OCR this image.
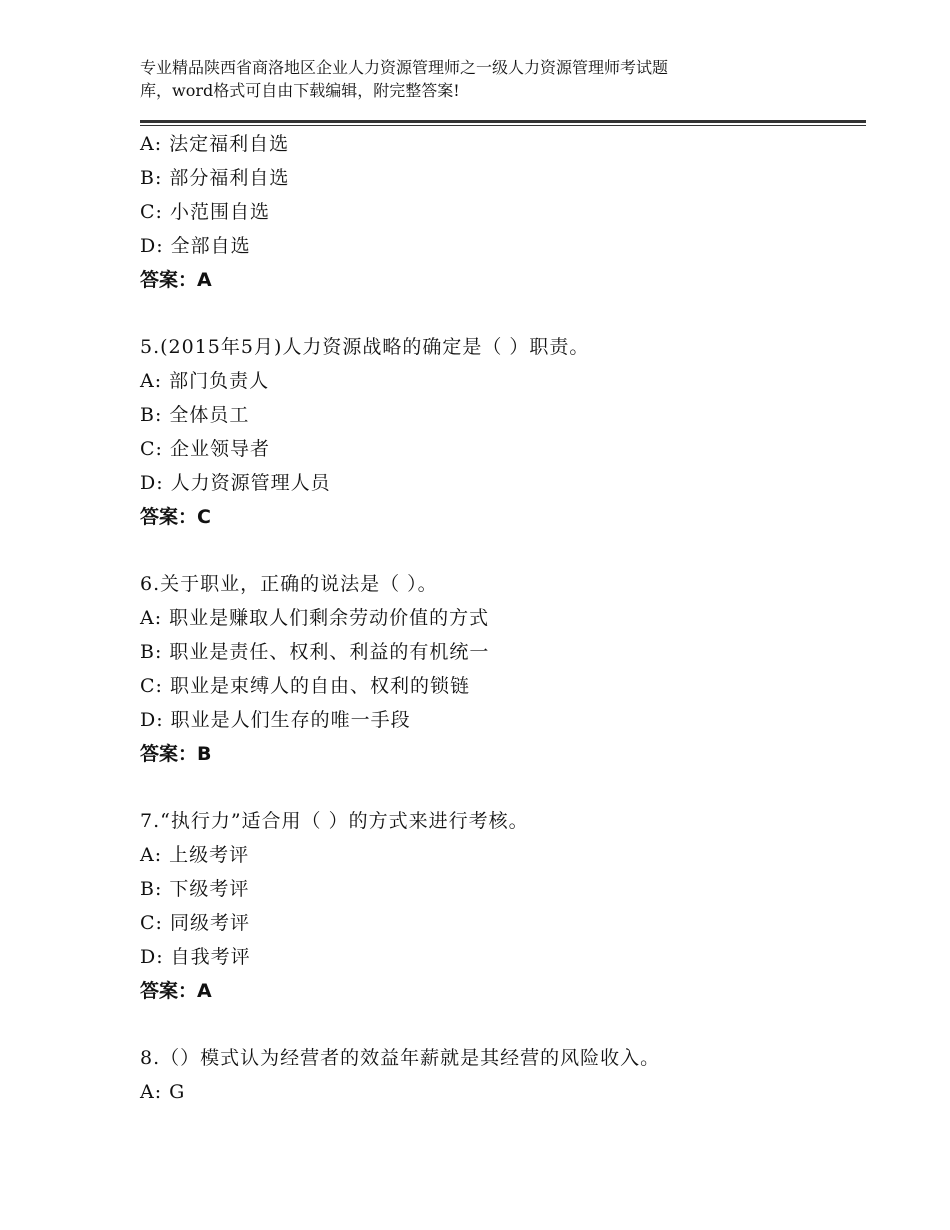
专业精品陕西省商洛地区企业人力资源管理师之一级人力资源管理师考试题
库，word格式可自由下载编辑，附完整答案!
A: 法定福利自选
B: 部分福利自选
C: 小范围自选
D: 全部自选
答案：A
5.(2015年5月)人力资源战略的确定是（ ）职责。
A: 部门负责人
B: 全体员工
C: 企业领导者
D: 人力资源管理人员
答案：C
6.关于职业，正确的说法是（ ）。
A: 职业是赚取人们剩余劳动价值的方式
B: 职业是责任、权利、利益的有机统一
C: 职业是束缚人的自由、权利的锁链
D: 职业是人们生存的唯一手段
答案：B
7.“执行力”适合用（ ）的方式来进行考核。
A: 上级考评
B: 下级考评
C: 同级考评
D: 自我考评
答案：A
8.（）模式认为经营者的效益年薪就是其经营的风险收入。
A: G
